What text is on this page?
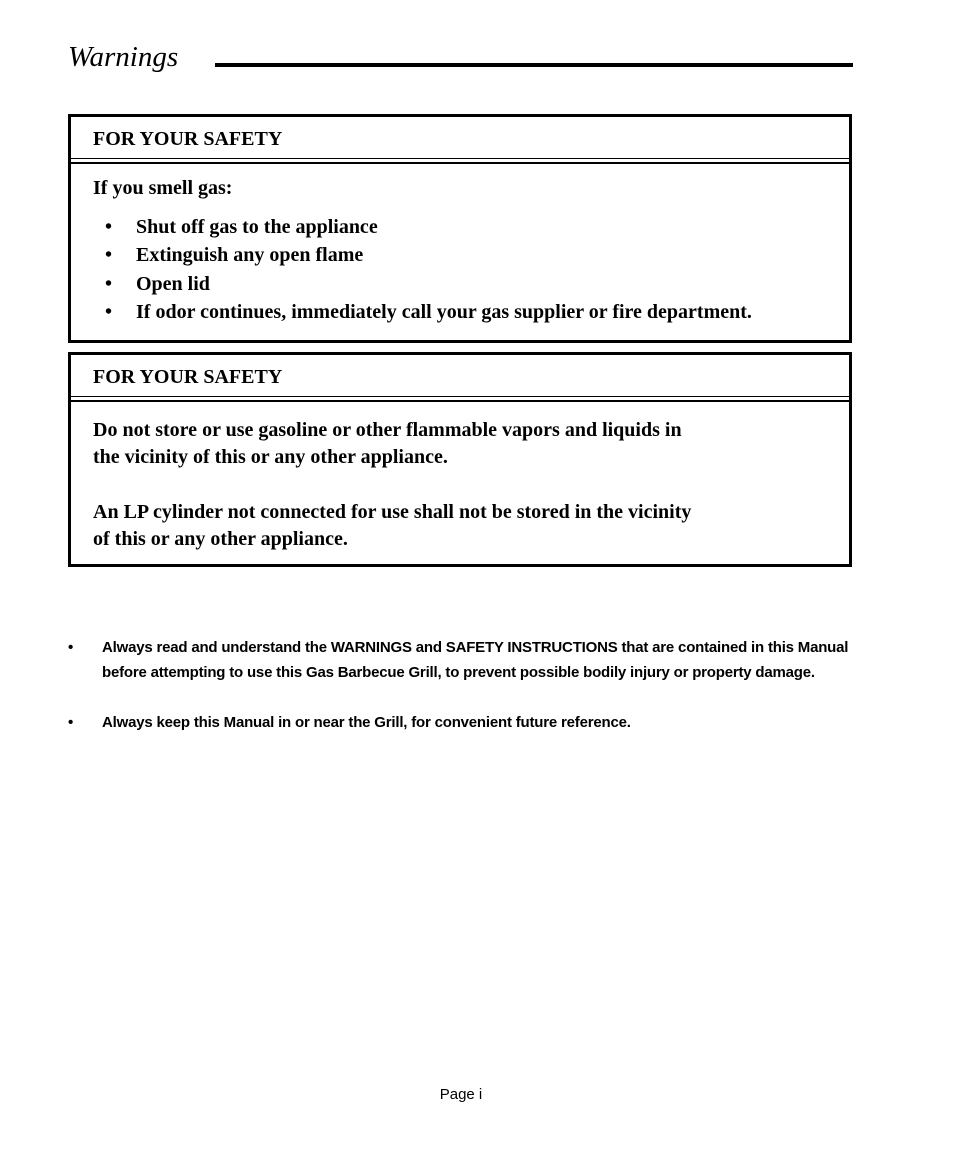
Warnings
FOR YOUR SAFETY
If you smell gas:
• Shut off gas to the appliance
• Extinguish any open flame
• Open lid
• If odor continues, immediately call your gas supplier or fire department.
FOR YOUR SAFETY
Do not store or use gasoline or other flammable vapors and liquids in
the vicinity of this or any other appliance.
An LP cylinder not connected for use shall not be stored in the vicinity
of this or any other appliance.
• Always read and understand the WARNINGS and SAFETY INSTRUCTIONS that are contained in this Manual before attempting to use this Gas Barbecue Grill, to prevent possible bodily injury or property damage.
• Always keep this Manual in or near the Grill, for convenient future reference.
Page i
